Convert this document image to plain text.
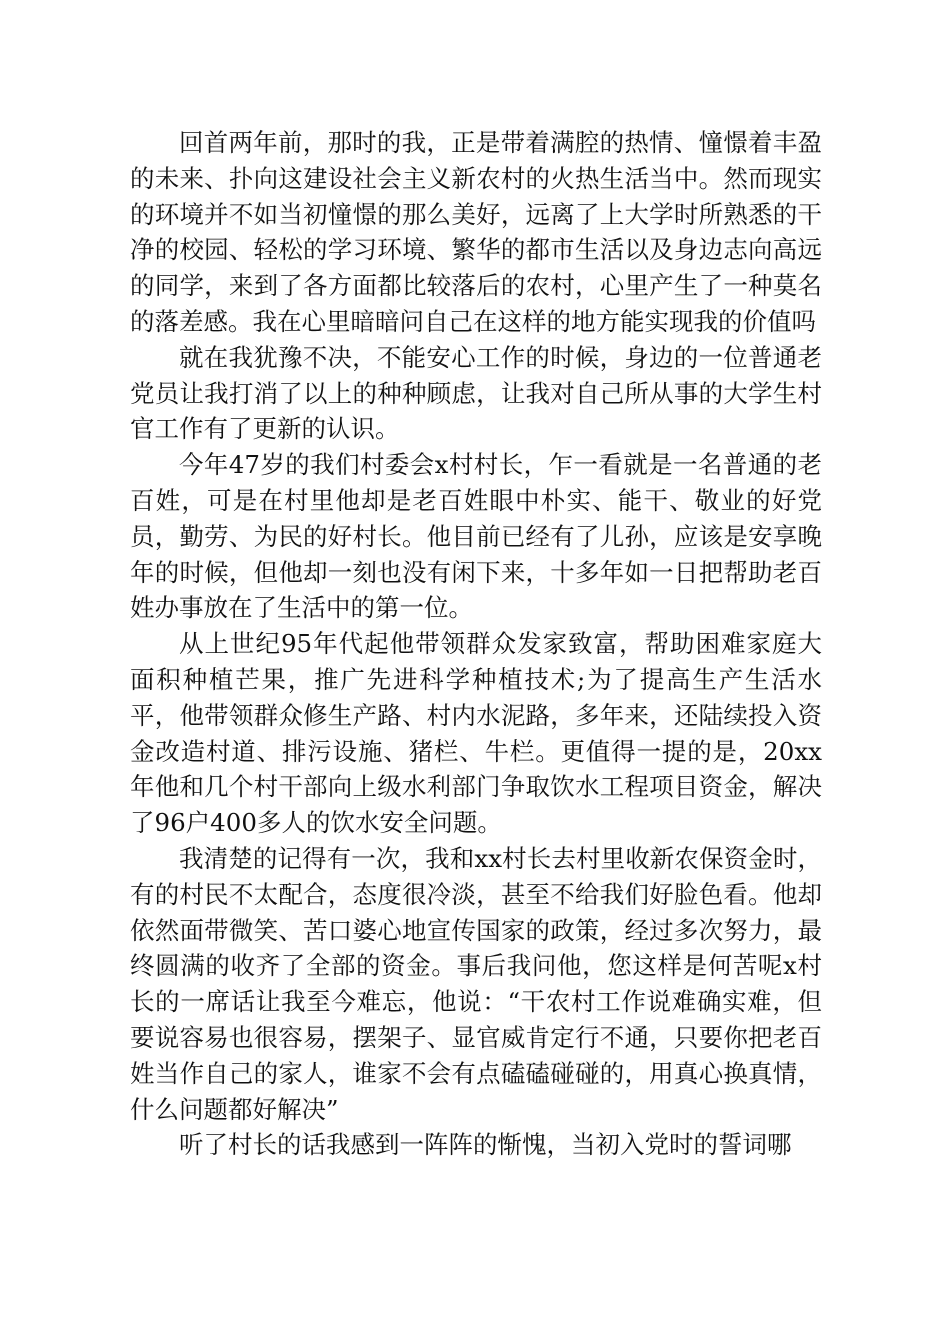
回首两年前，那时的我，正是带着满腔的热情、憧憬着丰盈的未来、扑向这建设社会主义新农村的火热生活当中。然而现实的环境并不如当初憧憬的那么美好，远离了上大学时所熟悉的干净的校园、轻松的学习环境、繁华的都市生活以及身边志向高远的同学，来到了各方面都比较落后的农村，心里产生了一种莫名的落差感。我在心里暗暗问自己在这样的地方能实现我的价值吗

就在我犹豫不决，不能安心工作的时候，身边的一位普通老党员让我打消了以上的种种顾虑，让我对自己所从事的大学生村官工作有了更新的认识。

今年47岁的我们村委会x村村长，乍一看就是一名普通的老百姓，可是在村里他却是老百姓眼中朴实、能干、敬业的好党员，勤劳、为民的好村长。他目前已经有了儿孙，应该是安享晚年的时候，但他却一刻也没有闲下来，十多年如一日把帮助老百姓办事放在了生活中的第一位。

从上世纪95年代起他带领群众发家致富，帮助困难家庭大面积种植芒果，推广先进科学种植技术;为了提高生产生活水平，他带领群众修生产路、村内水泥路，多年来，还陆续投入资金改造村道、排污设施、猪栏、牛栏。更值得一提的是，20xx年他和几个村干部向上级水利部门争取饮水工程项目资金，解决了96户400多人的饮水安全问题。

我清楚的记得有一次，我和xx村长去村里收新农保资金时，有的村民不太配合，态度很冷淡，甚至不给我们好脸色看。他却依然面带微笑、苦口婆心地宣传国家的政策，经过多次努力，最终圆满的收齐了全部的资金。事后我问他，您这样是何苦呢x村长的一席话让我至今难忘，他说：“干农村工作说难确实难，但要说容易也很容易，摆架子、显官威肯定行不通，只要你把老百姓当作自己的家人，谁家不会有点磕磕碰碰的，用真心换真情，什么问题都好解决”

听了村长的话我感到一阵阵的惭愧，当初入党时的誓词哪
